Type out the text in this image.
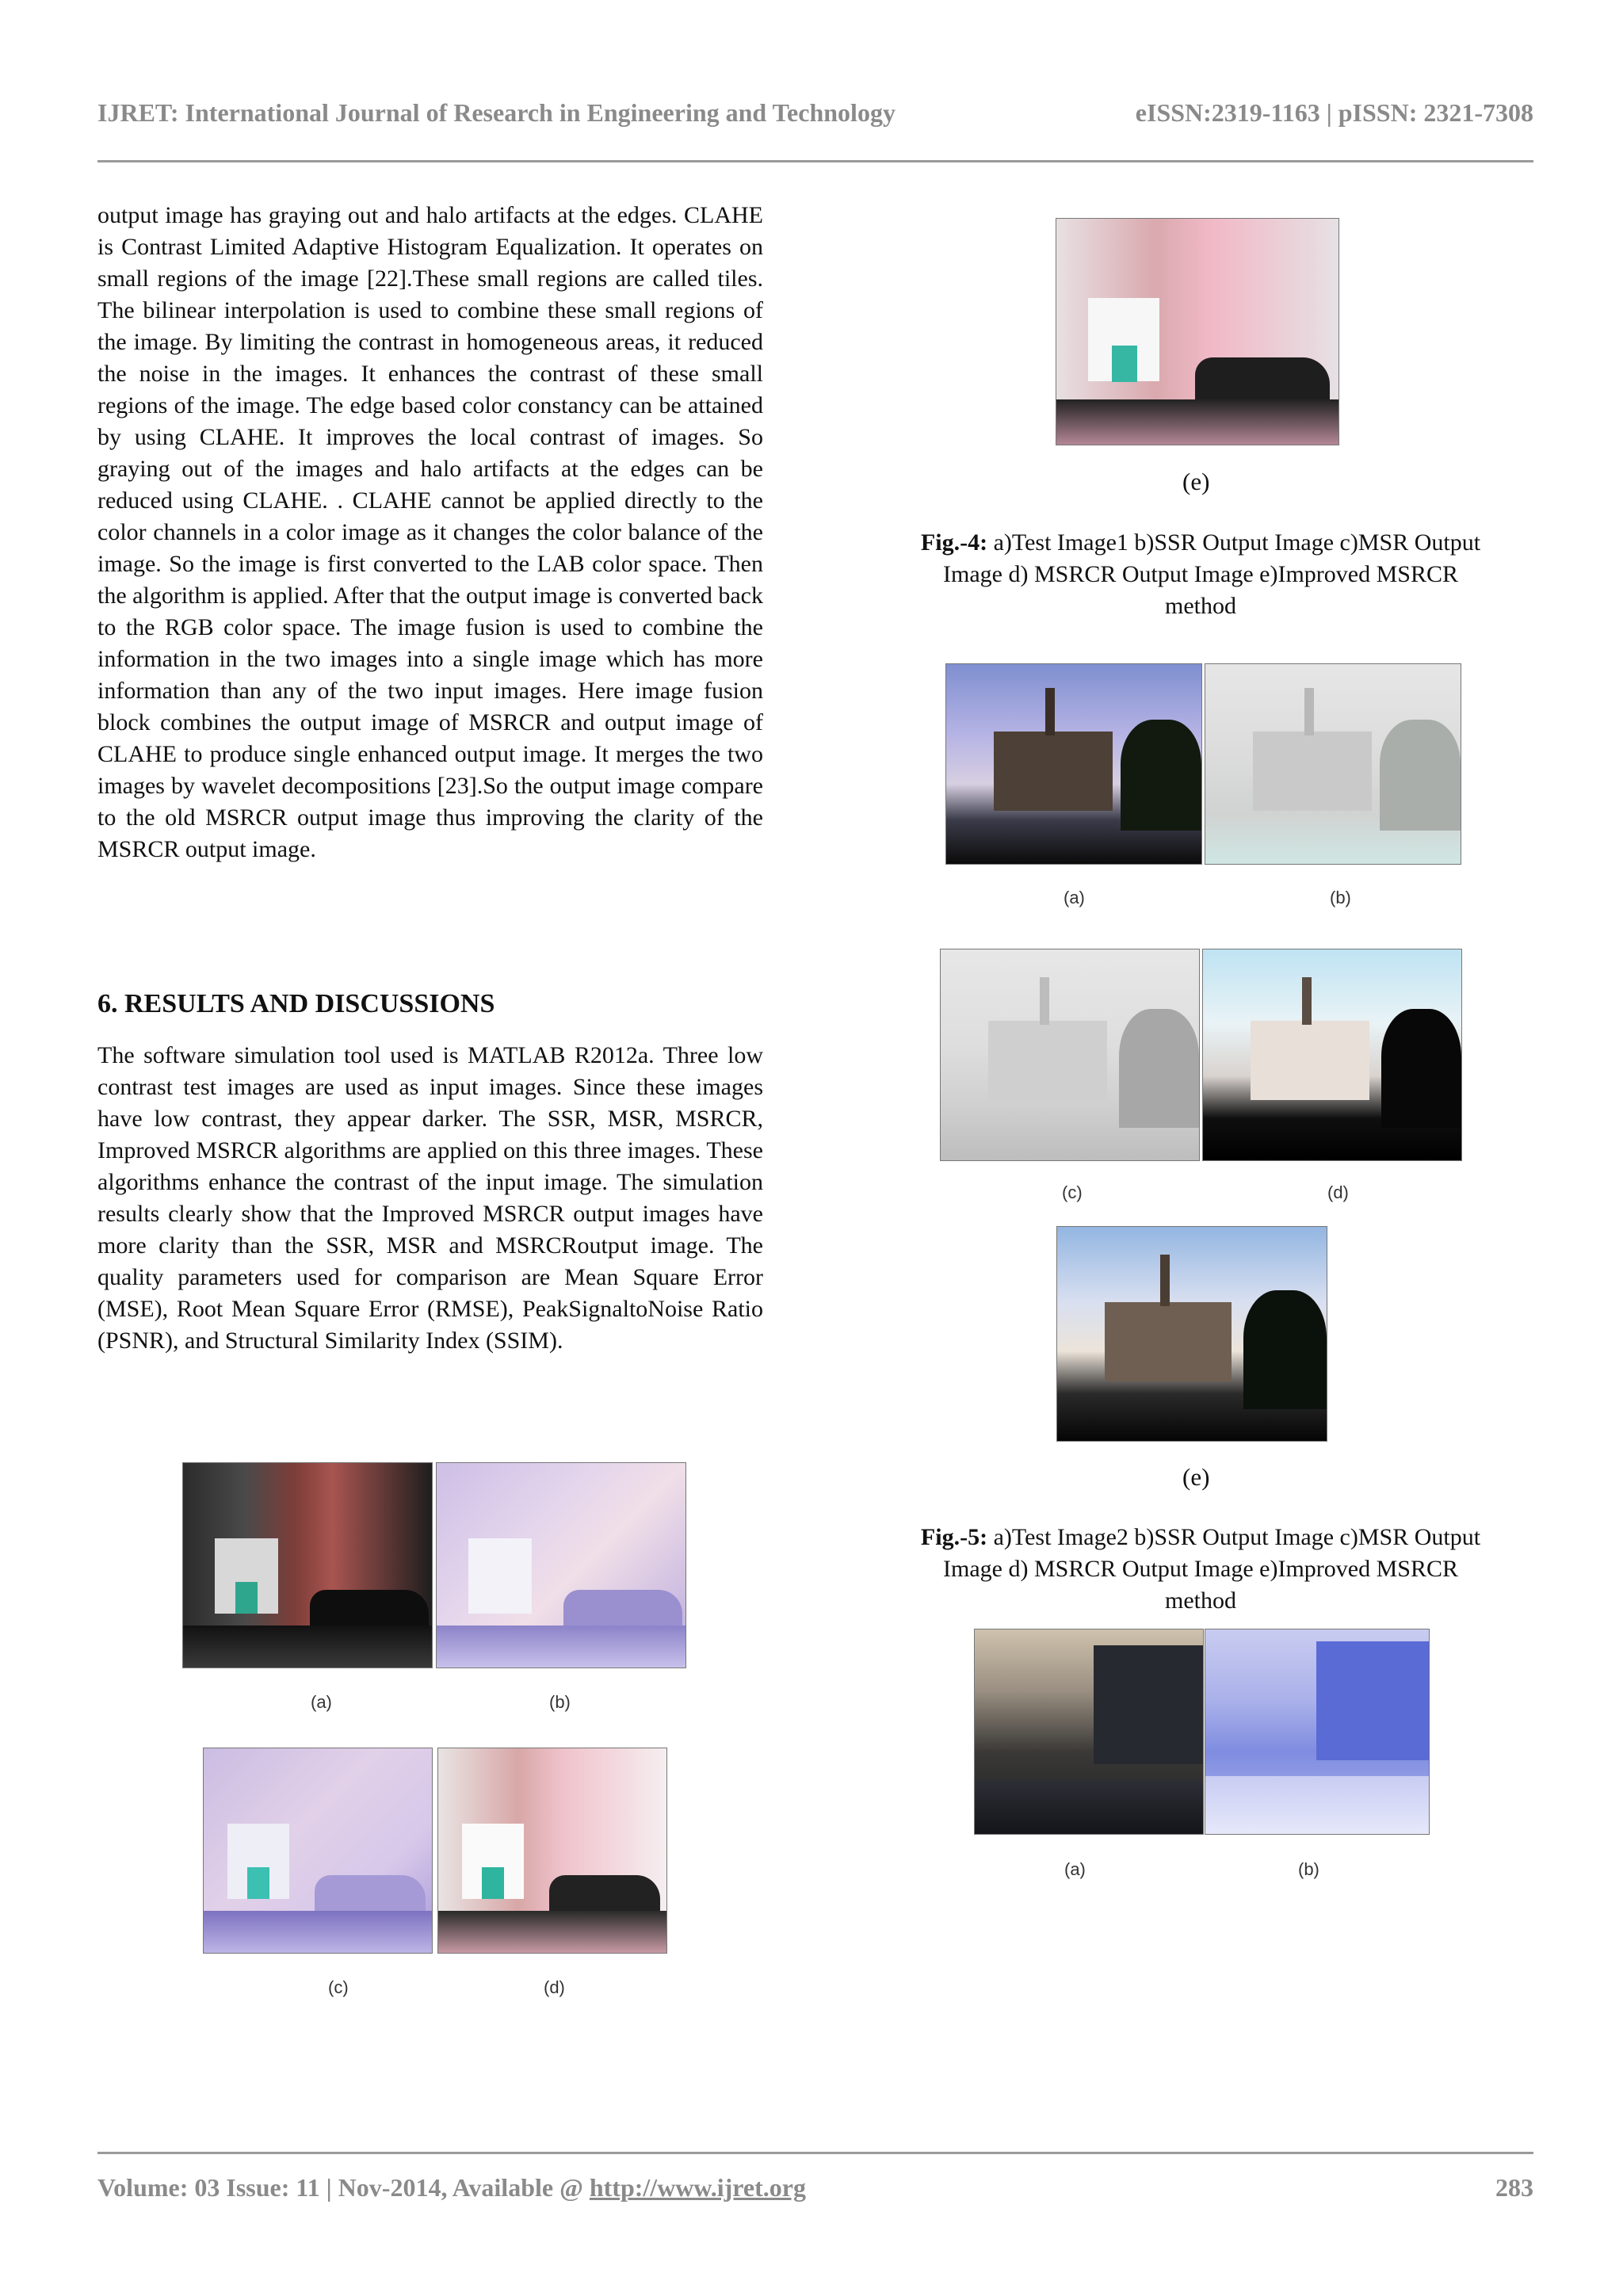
IJRET: International Journal of Research in Engineering and Technology	eISSN:2319-1163 | pISSN: 2321-7308

output image has graying out and halo artifacts at the edges. CLAHE is Contrast Limited Adaptive Histogram Equalization. It operates on small regions of the image [22].These small regions are called tiles. The bilinear interpolation is used to combine these small regions of the image. By limiting the contrast in homogeneous areas, it reduced the noise in the images. It enhances the contrast of these small regions of the image. The edge based color constancy can be attained by using CLAHE. It improves the local contrast of images. So graying out of the images and halo artifacts at the edges can be reduced using CLAHE. . CLAHE cannot be applied directly to the color channels in a color image as it changes the color balance of the image. So the image is first converted to the LAB color space. Then the algorithm is applied. After that the output image is converted back to the RGB color space. The image fusion is used to combine the information in the two images into a single image which has more information than any of the two input images. Here image fusion block combines the output image of MSRCR and output image of CLAHE to produce single enhanced output image. It merges the two images by wavelet decompositions [23].So the output image compare to the old MSRCR output image thus improving the clarity of the MSRCR output image.

6. RESULTS AND DISCUSSIONS

The software simulation tool used is MATLAB R2012a. Three low contrast test images are used as input images. Since these images have low contrast, they appear darker. The SSR, MSR, MSRCR, Improved MSRCR algorithms are applied on this three images. These algorithms enhance the contrast of the input image. The simulation results clearly show that the Improved MSRCR output images have more clarity than the SSR, MSR and MSRCRoutput image. The quality parameters used for comparison are Mean Square Error (MSE), Root Mean Square Error (RMSE), PeakSignaltoNoise Ratio (PSNR), and Structural Similarity Index (SSIM).

(a)	(b)
(c)	(d)
(e)

Fig.-4: a)Test Image1 b)SSR Output Image c)MSR Output
Image d) MSRCR Output Image e)Improved MSRCR
method

(a)	(b)
(c)	(d)
(e)

Fig.-5: a)Test Image2 b)SSR Output Image c)MSR Output
Image d) MSRCR Output Image e)Improved MSRCR
method

(a)	(b)
Volume: 03 Issue: 11 | Nov-2014, Available @ http://www.ijret.org	283
